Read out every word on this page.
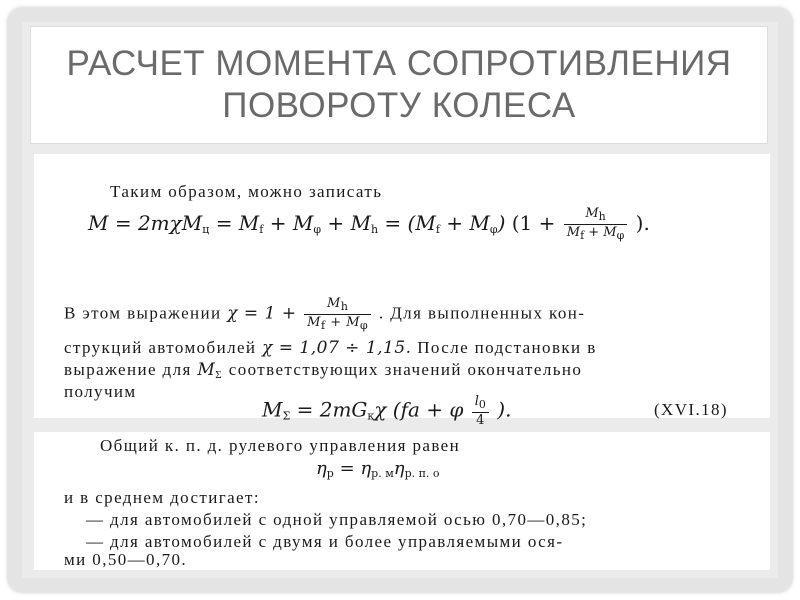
РАСЧЕТ МОМЕНТА СОПРОТИВЛЕНИЯ
ПОВОРОТУ КОЛЕСА
Таким образом, можно записать
$M = 2m\chi M_ц = M_f + M_\varphi + M_h = (M_f + M_\varphi) (1 + \frac{M_h}{M_f + M_\varphi}$ ).
В этом выражении $\chi = 1 + \frac{M_h}{M_f + M_\varphi}$ . Для выполненных кон-
струкций автомобилей χ = 1,07 ÷ 1,15. После подстановки в
выражение для $M_\Sigma$ соответствующих значений окончательно
получим
$M_\Sigma = 2mG_к\chi$ (fa + φ $\frac{l_0}{4}$ ).	(XVI.18)
Общий к. п. д. рулевого управления равен
$\eta_р = \eta_{р. м}\eta_{р. п. о}$
и в среднем достигает:
— для автомобилей с одной управляемой осью 0,70—0,85;
— для автомобилей с двумя и более управляемыми ося-
ми 0,50—0,70.
